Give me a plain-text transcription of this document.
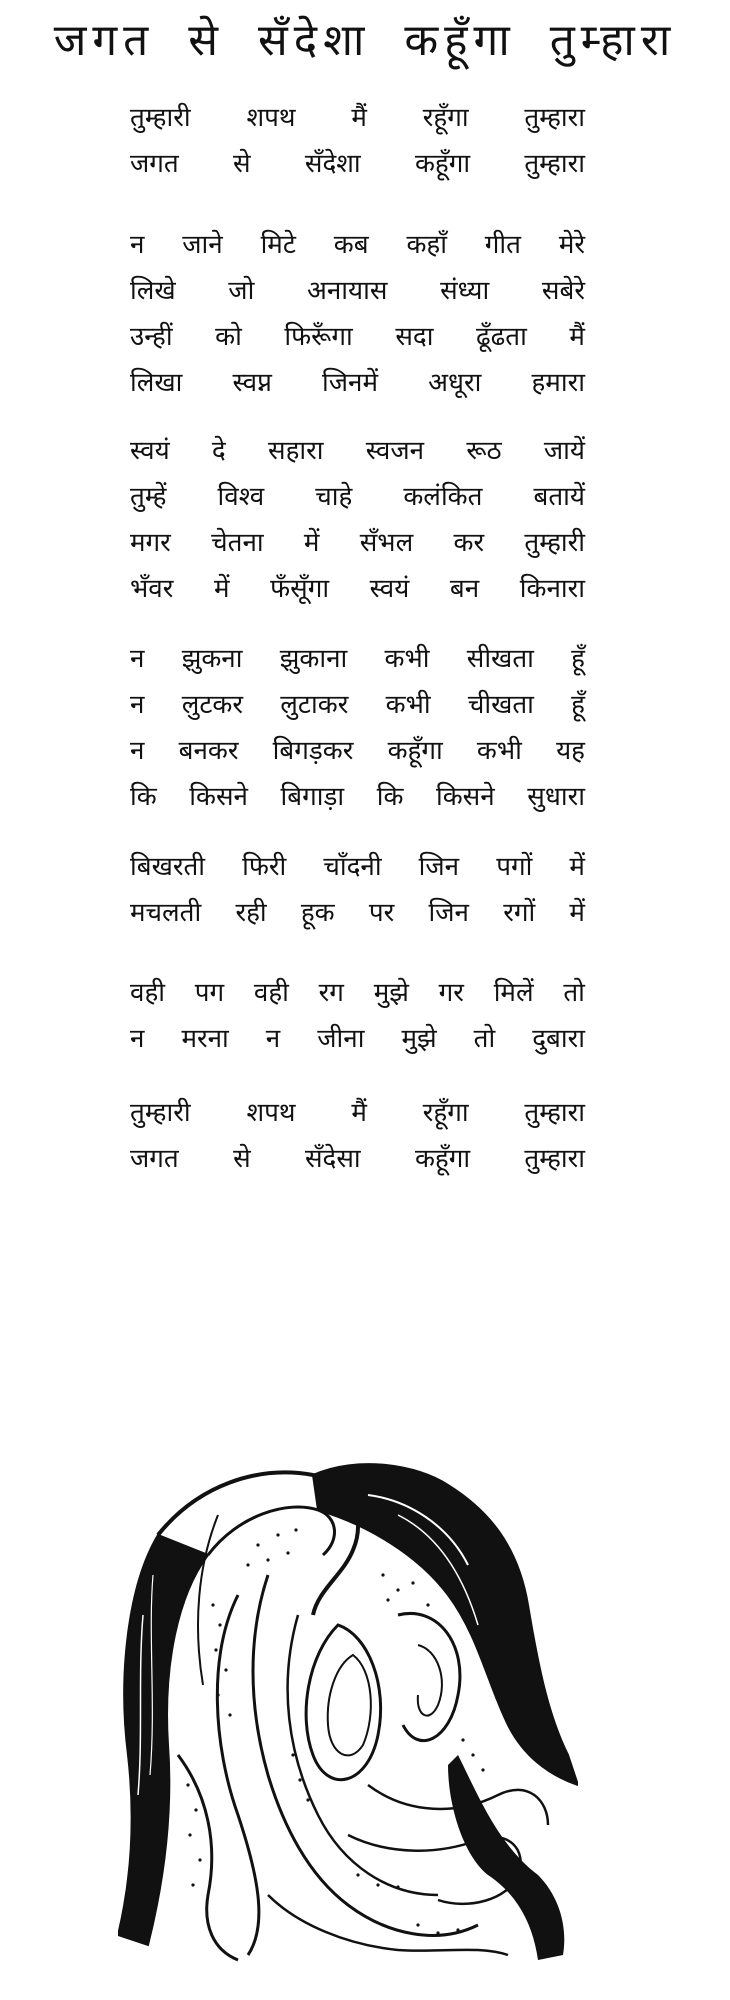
जगत से सँदेशा कहूँगा तुम्हारा
तुम्हारी शपथ मैं रहूँगा तुम्हारा
जगत से सँदेशा कहूँगा तुम्हारा
न जाने मिटे कब कहाँ गीत मेरे
लिखे जो अनायास संध्या सबेरे
उन्हीं को फिरूँगा सदा ढूँढता मैं
लिखा स्वप्न जिनमें अधूरा हमारा
स्वयं दे सहारा स्वजन रूठ जायें
तुम्हें विश्व चाहे कलंकित बतायें
मगर चेतना में सँभल कर तुम्हारी
भँवर में फँसूँगा स्वयं बन किनारा
न झुकना झुकाना कभी सीखता हूँ
न लुटकर लुटाकर कभी चीखता हूँ
न बनकर बिगड़कर कहूँगा कभी यह
कि किसने बिगाड़ा कि किसने सुधारा
बिखरती फिरी चाँदनी जिन पगों में
मचलती रही हूक पर जिन रगों में
वही पग वही रग मुझे गर मिलें तो
न मरना न जीना मुझे तो दुबारा
तुम्हारी शपथ मैं रहूँगा तुम्हारा
जगत से सँदेसा कहूँगा तुम्हारा
